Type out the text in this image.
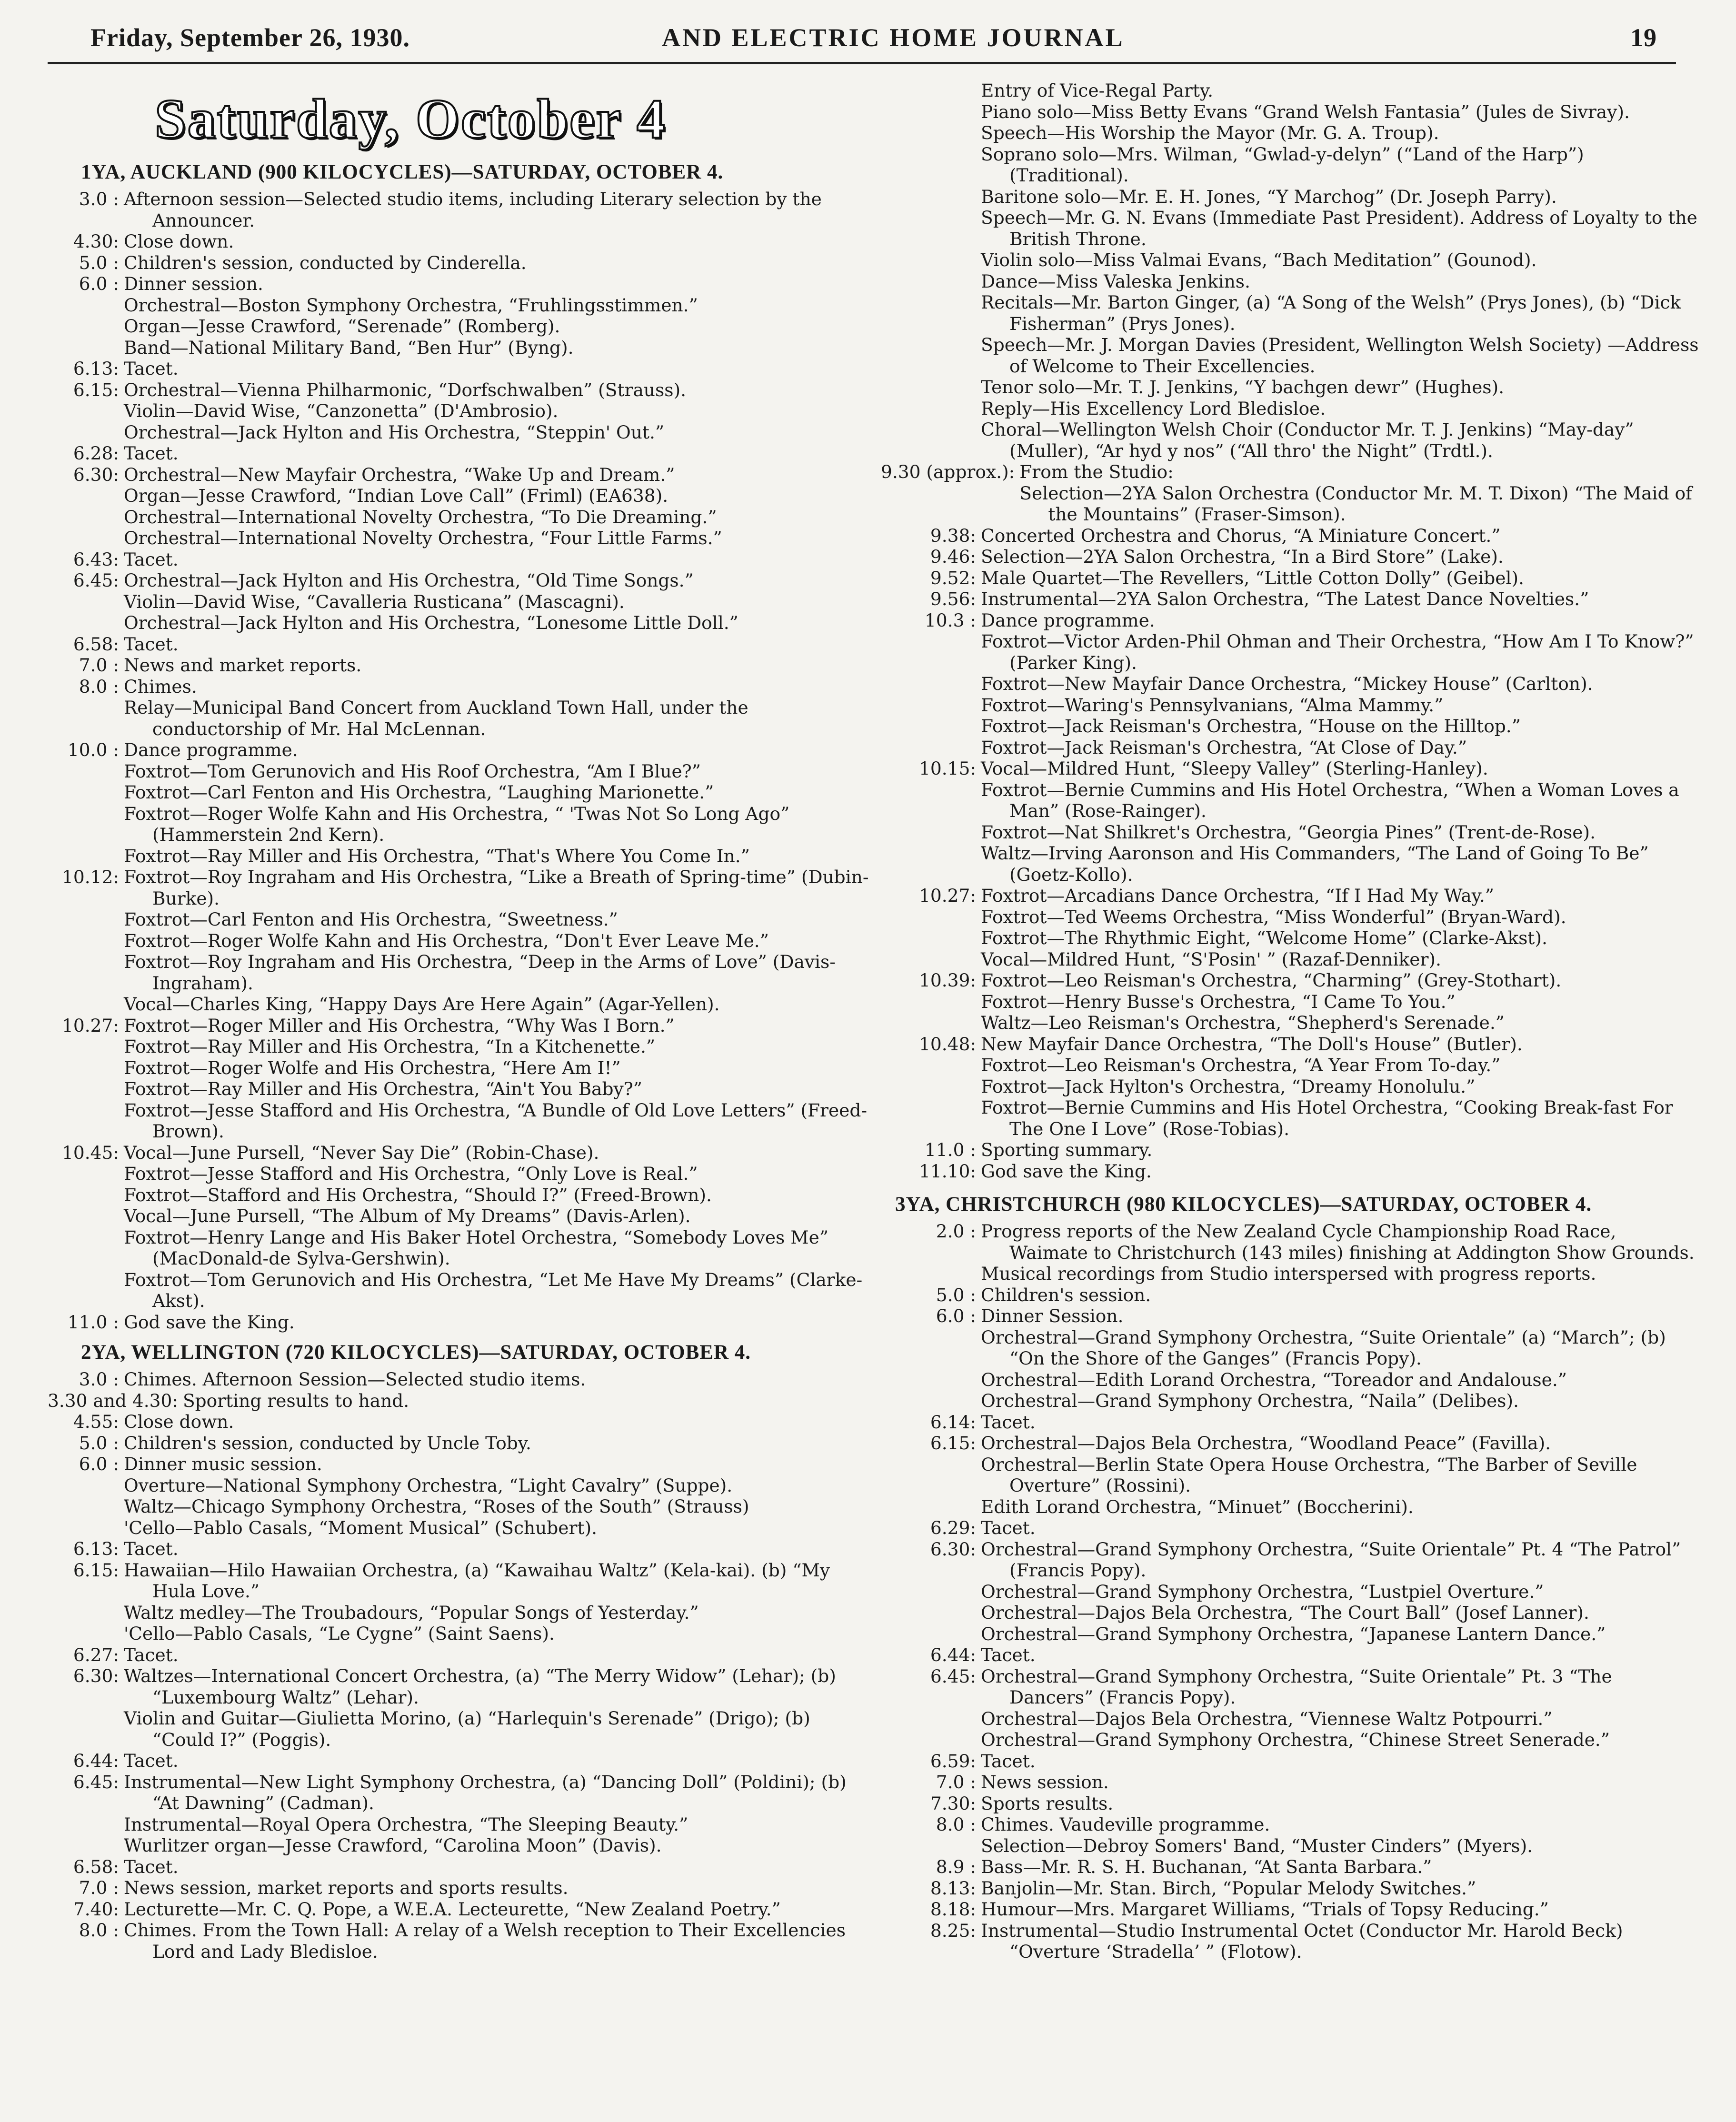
Friday, September 26, 1930.	AND ELECTRIC HOME JOURNAL	19
Saturday, October 4
1YA, AUCKLAND (900 KILOCYCLES)—SATURDAY, OCTOBER 4.
3.0 : Afternoon session—Selected studio items, including Literary selection by the Announcer.
4.30: Close down.
5.0 : Children's session, conducted by Cinderella.
6.0 : Dinner session.
Orchestral—Boston Symphony Orchestra, “Fruhlingsstimmen.”
Organ—Jesse Crawford, “Serenade” (Romberg).
Band—National Military Band, “Ben Hur” (Byng).
6.13: Tacet.
6.15: Orchestral—Vienna Philharmonic, “Dorfschwalben” (Strauss).
Violin—David Wise, “Canzonetta” (D'Ambrosio).
Orchestral—Jack Hylton and His Orchestra, “Steppin' Out.”
6.28: Tacet.
6.30: Orchestral—New Mayfair Orchestra, “Wake Up and Dream.”
Organ—Jesse Crawford, “Indian Love Call” (Friml) (EA638).
Orchestral—International Novelty Orchestra, “To Die Dreaming.”
Orchestral—International Novelty Orchestra, “Four Little Farms.”
6.43: Tacet.
6.45: Orchestral—Jack Hylton and His Orchestra, “Old Time Songs.”
Violin—David Wise, “Cavalleria Rusticana” (Mascagni).
Orchestral—Jack Hylton and His Orchestra, “Lonesome Little Doll.”
6.58: Tacet.
7.0 : News and market reports.
8.0 : Chimes.
Relay—Municipal Band Concert from Auckland Town Hall, under the conductorship of Mr. Hal McLennan.
10.0 : Dance programme.
Foxtrot—Tom Gerunovich and His Roof Orchestra, “Am I Blue?”
Foxtrot—Carl Fenton and His Orchestra, “Laughing Marionette.”
Foxtrot—Roger Wolfe Kahn and His Orchestra, “ 'Twas Not So Long Ago” (Hammerstein 2nd Kern).
Foxtrot—Ray Miller and His Orchestra, “That's Where You Come In.”
10.12: Foxtrot—Roy Ingraham and His Orchestra, “Like a Breath of Spring-time” (Dubin-Burke).
Foxtrot—Carl Fenton and His Orchestra, “Sweetness.”
Foxtrot—Roger Wolfe Kahn and His Orchestra, “Don't Ever Leave Me.”
Foxtrot—Roy Ingraham and His Orchestra, “Deep in the Arms of Love” (Davis-Ingraham).
Vocal—Charles King, “Happy Days Are Here Again” (Agar-Yellen).
10.27: Foxtrot—Roger Miller and His Orchestra, “Why Was I Born.”
Foxtrot—Ray Miller and His Orchestra, “In a Kitchenette.”
Foxtrot—Roger Wolfe and His Orchestra, “Here Am I!”
Foxtrot—Ray Miller and His Orchestra, “Ain't You Baby?”
Foxtrot—Jesse Stafford and His Orchestra, “A Bundle of Old Love Letters” (Freed-Brown).
10.45: Vocal—June Pursell, “Never Say Die” (Robin-Chase).
Foxtrot—Jesse Stafford and His Orchestra, “Only Love is Real.”
Foxtrot—Stafford and His Orchestra, “Should I?” (Freed-Brown).
Vocal—June Pursell, “The Album of My Dreams” (Davis-Arlen).
Foxtrot—Henry Lange and His Baker Hotel Orchestra, “Somebody Loves Me” (MacDonald-de Sylva-Gershwin).
Foxtrot—Tom Gerunovich and His Orchestra, “Let Me Have My Dreams” (Clarke-Akst).
11.0 : God save the King.
2YA, WELLINGTON (720 KILOCYCLES)—SATURDAY, OCTOBER 4.
3.0 : Chimes. Afternoon Session—Selected studio items.
3.30 and 4.30: Sporting results to hand.
4.55: Close down.
5.0 : Children's session, conducted by Uncle Toby.
6.0 : Dinner music session.
Overture—National Symphony Orchestra, “Light Cavalry” (Suppe).
Waltz—Chicago Symphony Orchestra, “Roses of the South” (Strauss)
'Cello—Pablo Casals, “Moment Musical” (Schubert).
6.13: Tacet.
6.15: Hawaiian—Hilo Hawaiian Orchestra, (a) “Kawaihau Waltz” (Kela-kai). (b) “My Hula Love.”
Waltz medley—The Troubadours, “Popular Songs of Yesterday.”
'Cello—Pablo Casals, “Le Cygne” (Saint Saens).
6.27: Tacet.
6.30: Waltzes—International Concert Orchestra, (a) “The Merry Widow” (Lehar); (b) “Luxembourg Waltz” (Lehar).
Violin and Guitar—Giulietta Morino, (a) “Harlequin's Serenade” (Drigo); (b) “Could I?” (Poggis).
6.44: Tacet.
6.45: Instrumental—New Light Symphony Orchestra, (a) “Dancing Doll” (Poldini); (b) “At Dawning” (Cadman).
Instrumental—Royal Opera Orchestra, “The Sleeping Beauty.”
Wurlitzer organ—Jesse Crawford, “Carolina Moon” (Davis).
6.58: Tacet.
7.0 : News session, market reports and sports results.
7.40: Lecturette—Mr. C. Q. Pope, a W.E.A. Lecteurette, “New Zealand Poetry.”
8.0 : Chimes. From the Town Hall: A relay of a Welsh reception to Their Excellencies Lord and Lady Bledisloe.
Entry of Vice-Regal Party.
Piano solo—Miss Betty Evans “Grand Welsh Fantasia” (Jules de Sivray).
Speech—His Worship the Mayor (Mr. G. A. Troup).
Soprano solo—Mrs. Wilman, “Gwlad-y-delyn” (“Land of the Harp”) (Traditional).
Baritone solo—Mr. E. H. Jones, “Y Marchog” (Dr. Joseph Parry).
Speech—Mr. G. N. Evans (Immediate Past President). Address of Loyalty to the British Throne.
Violin solo—Miss Valmai Evans, “Bach Meditation” (Gounod).
Dance—Miss Valeska Jenkins.
Recitals—Mr. Barton Ginger, (a) “A Song of the Welsh” (Prys Jones), (b) “Dick Fisherman” (Prys Jones).
Speech—Mr. J. Morgan Davies (President, Wellington Welsh Society) —Address of Welcome to Their Excellencies.
Tenor solo—Mr. T. J. Jenkins, “Y bachgen dewr” (Hughes).
Reply—His Excellency Lord Bledisloe.
Choral—Wellington Welsh Choir (Conductor Mr. T. J. Jenkins) “May-day” (Muller), “Ar hyd y nos” (“All thro' the Night” (Trdtl.).
9.30 (approx.): From the Studio:
Selection—2YA Salon Orchestra (Conductor Mr. M. T. Dixon) “The Maid of the Mountains” (Fraser-Simson).
9.38: Concerted Orchestra and Chorus, “A Miniature Concert.”
9.46: Selection—2YA Salon Orchestra, “In a Bird Store” (Lake).
9.52: Male Quartet—The Revellers, “Little Cotton Dolly” (Geibel).
9.56: Instrumental—2YA Salon Orchestra, “The Latest Dance Novelties.”
10.3 : Dance programme.
Foxtrot—Victor Arden-Phil Ohman and Their Orchestra, “How Am I To Know?” (Parker King).
Foxtrot—New Mayfair Dance Orchestra, “Mickey House” (Carlton).
Foxtrot—Waring's Pennsylvanians, “Alma Mammy.”
Foxtrot—Jack Reisman's Orchestra, “House on the Hilltop.”
Foxtrot—Jack Reisman's Orchestra, “At Close of Day.”
10.15: Vocal—Mildred Hunt, “Sleepy Valley” (Sterling-Hanley).
Foxtrot—Bernie Cummins and His Hotel Orchestra, “When a Woman Loves a Man” (Rose-Rainger).
Foxtrot—Nat Shilkret's Orchestra, “Georgia Pines” (Trent-de-Rose).
Waltz—Irving Aaronson and His Commanders, “The Land of Going To Be” (Goetz-Kollo).
10.27: Foxtrot—Arcadians Dance Orchestra, “If I Had My Way.”
Foxtrot—Ted Weems Orchestra, “Miss Wonderful” (Bryan-Ward).
Foxtrot—The Rhythmic Eight, “Welcome Home” (Clarke-Akst).
Vocal—Mildred Hunt, “S'Posin' ” (Razaf-Denniker).
10.39: Foxtrot—Leo Reisman's Orchestra, “Charming” (Grey-Stothart).
Foxtrot—Henry Busse's Orchestra, “I Came To You.”
Waltz—Leo Reisman's Orchestra, “Shepherd's Serenade.”
10.48: New Mayfair Dance Orchestra, “The Doll's House” (Butler).
Foxtrot—Leo Reisman's Orchestra, “A Year From To-day.”
Foxtrot—Jack Hylton's Orchestra, “Dreamy Honolulu.”
Foxtrot—Bernie Cummins and His Hotel Orchestra, “Cooking Break-fast For The One I Love” (Rose-Tobias).
11.0 : Sporting summary.
11.10: God save the King.
3YA, CHRISTCHURCH (980 KILOCYCLES)—SATURDAY, OCTOBER 4.
2.0 : Progress reports of the New Zealand Cycle Championship Road Race, Waimate to Christchurch (143 miles) finishing at Addington Show Grounds.
Musical recordings from Studio interspersed with progress reports.
5.0 : Children's session.
6.0 : Dinner Session.
Orchestral—Grand Symphony Orchestra, “Suite Orientale” (a) “March”; (b) “On the Shore of the Ganges” (Francis Popy).
Orchestral—Edith Lorand Orchestra, “Toreador and Andalouse.”
Orchestral—Grand Symphony Orchestra, “Naila” (Delibes).
6.14: Tacet.
6.15: Orchestral—Dajos Bela Orchestra, “Woodland Peace” (Favilla).
Orchestral—Berlin State Opera House Orchestra, “The Barber of Seville Overture” (Rossini).
Edith Lorand Orchestra, “Minuet” (Boccherini).
6.29: Tacet.
6.30: Orchestral—Grand Symphony Orchestra, “Suite Orientale” Pt. 4 “The Patrol” (Francis Popy).
Orchestral—Grand Symphony Orchestra, “Lustpiel Overture.”
Orchestral—Dajos Bela Orchestra, “The Court Ball” (Josef Lanner).
Orchestral—Grand Symphony Orchestra, “Japanese Lantern Dance.”
6.44: Tacet.
6.45: Orchestral—Grand Symphony Orchestra, “Suite Orientale” Pt. 3 “The Dancers” (Francis Popy).
Orchestral—Dajos Bela Orchestra, “Viennese Waltz Potpourri.”
Orchestral—Grand Symphony Orchestra, “Chinese Street Senerade.”
6.59: Tacet.
7.0 : News session.
7.30: Sports results.
8.0 : Chimes. Vaudeville programme.
Selection—Debroy Somers' Band, “Muster Cinders” (Myers).
8.9 : Bass—Mr. R. S. H. Buchanan, “At Santa Barbara.”
8.13: Banjolin—Mr. Stan. Birch, “Popular Melody Switches.”
8.18: Humour—Mrs. Margaret Williams, “Trials of Topsy Reducing.”
8.25: Instrumental—Studio Instrumental Octet (Conductor Mr. Harold Beck) “Overture ‘Stradella’ ” (Flotow).
